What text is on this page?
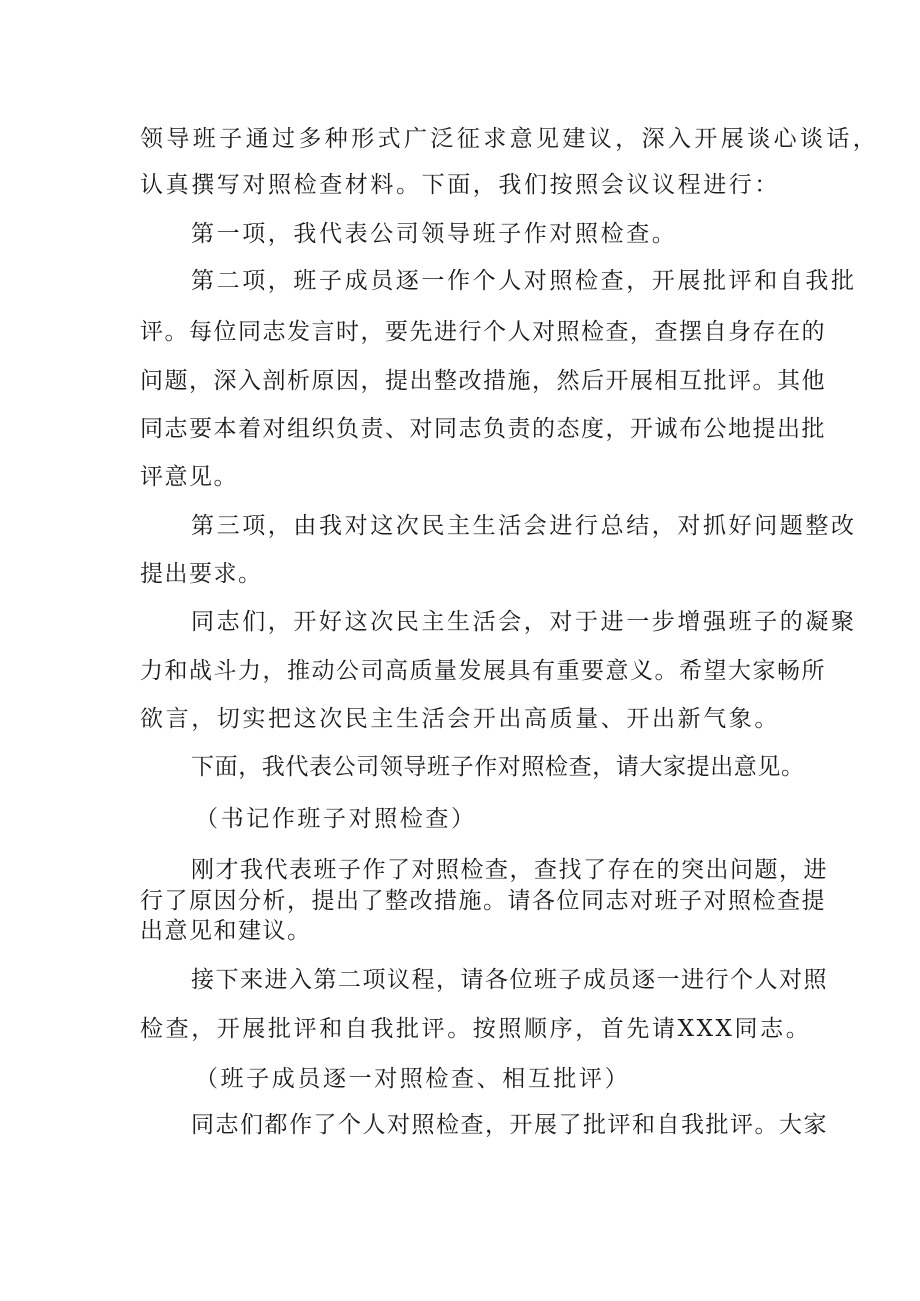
领导班子通过多种形式广泛征求意见建议，深入开展谈心谈话，
认真撰写对照检查材料。下面，我们按照会议议程进行：
第一项，我代表公司领导班子作对照检查。
第二项，班子成员逐一作个人对照检查，开展批评和自我批
评。每位同志发言时，要先进行个人对照检查，查摆自身存在的
问题，深入剖析原因，提出整改措施，然后开展相互批评。其他
同志要本着对组织负责、对同志负责的态度，开诚布公地提出批
评意见。
第三项，由我对这次民主生活会进行总结，对抓好问题整改
提出要求。
同志们，开好这次民主生活会，对于进一步增强班子的凝聚
力和战斗力，推动公司高质量发展具有重要意义。希望大家畅所
欲言，切实把这次民主生活会开出高质量、开出新气象。
下面，我代表公司领导班子作对照检查，请大家提出意见。
（书记作班子对照检查）
刚才我代表班子作了对照检查，查找了存在的突出问题，进
行了原因分析，提出了整改措施。请各位同志对班子对照检查提
出意见和建议。
接下来进入第二项议程，请各位班子成员逐一进行个人对照
检查，开展批评和自我批评。按照顺序，首先请XXX同志。
（班子成员逐一对照检查、相互批评）
同志们都作了个人对照检查，开展了批评和自我批评。大家
